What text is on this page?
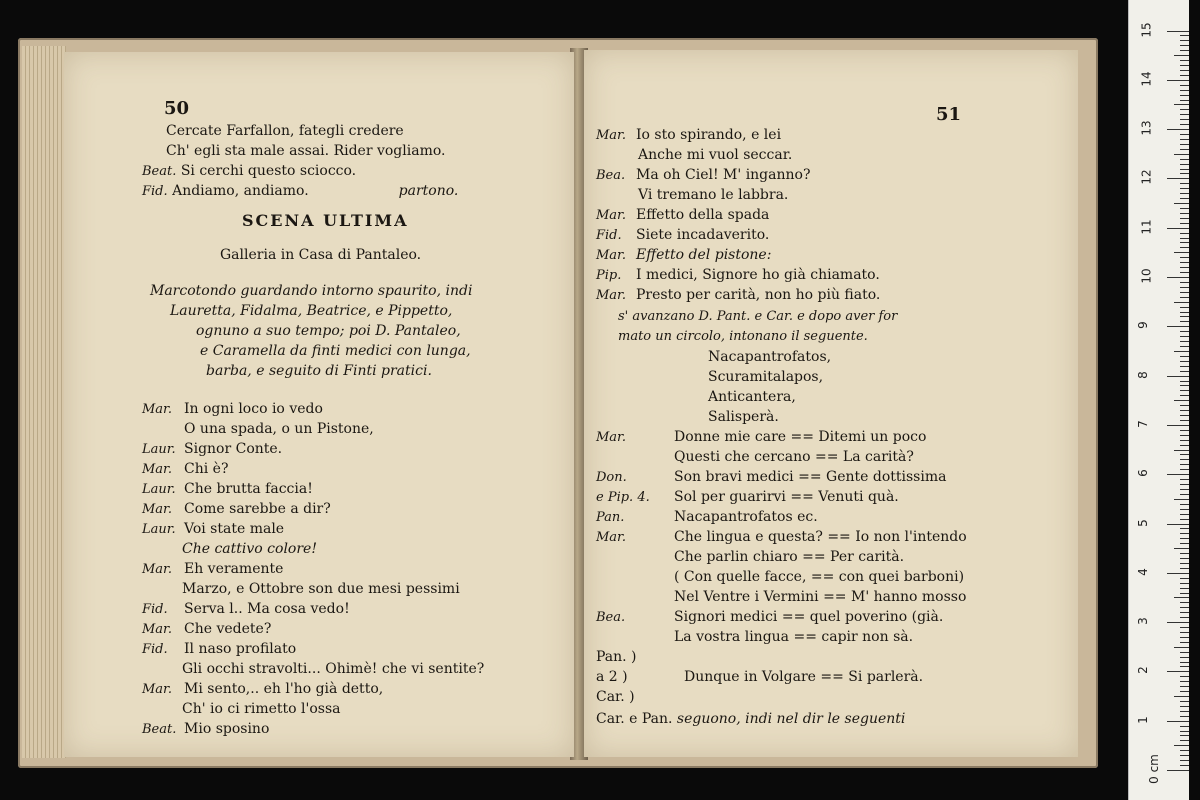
50
Cercate Farfallon, fategli credere
Ch' egli sta male assai. Rider vogliamo.
Beat. Si cerchi questo sciocco.
Fid. Andiamo, andiamo.	partono.
SCENA ULTIMA
Galleria in Casa di Pantaleo.
Marcotondo guardando intorno spaurito, indi
Lauretta, Fidalma, Beatrice, e Pippetto,
ognuno a suo tempo; poi D. Pantaleo,
e Caramella da finti medici con lunga,
barba, e seguito di Finti pratici.
Mar. In ogni loco io vedo
O una spada, o un Pistone,
Laur. Signor Conte.
Mar. Chi è?
Laur. Che brutta faccia!
Mar. Come sarebbe a dir?
Laur. Voi state male
Che cattivo colore!
Mar. Eh veramente
Marzo, e Ottobre son due mesi pessimi
Fid. Serva l.. Ma cosa vedo!
Mar. Che vedete?
Fid. Il naso profilato
Gli occhi stravolti... Ohimè! che vi sentite?
Mar. Mi sento,.. eh l'ho già detto,
Ch' io ci rimetto l'ossa
Beat. Mio sposino
51
Mar. Io sto spirando, e lei
Anche mi vuol seccar.
Bea. Ma oh Ciel! M' inganno?
Vi tremano le labbra.
Mar. Effetto della spada
Fid. Siete incadaverito.
Mar. Effetto del pistone:
Pip. I medici, Signore ho già chiamato.
Mar. Presto per carità, non ho più fiato.
s' avanzano D. Pant. e Car. e dopo aver for
mato un circolo, intonano il seguente.
Nacapantrofatos,
Scuramitalapos,
Anticantera,
Salisperà.
Mar.	Donne mie care == Ditemi un poco
Questi che cercano == La carità?
Don.	Son bravi medici == Gente dottissima
e Pip. 4. Sol per guarirvi == Venuti quà.
Pan.	Nacapantrofatos ec.
Mar.	Che lingua e questa? == Io non l'intendo
Che parlin chiaro == Per carità.
( Con quelle facce, == con quei barboni)
Nel Ventre i Vermini == M' hanno mosso
Bea.	Signori medici == quel poverino (già.
La vostra lingua == capir non sà.
Pan. )
a 2 )
Car. )
Dunque in Volgare == Si parlerà.
Car. e Pan. seguono, indi nel dir le seguenti
0 cm
1
2
3
4
5
6
7
8
9
10
11
12
13
14
15
